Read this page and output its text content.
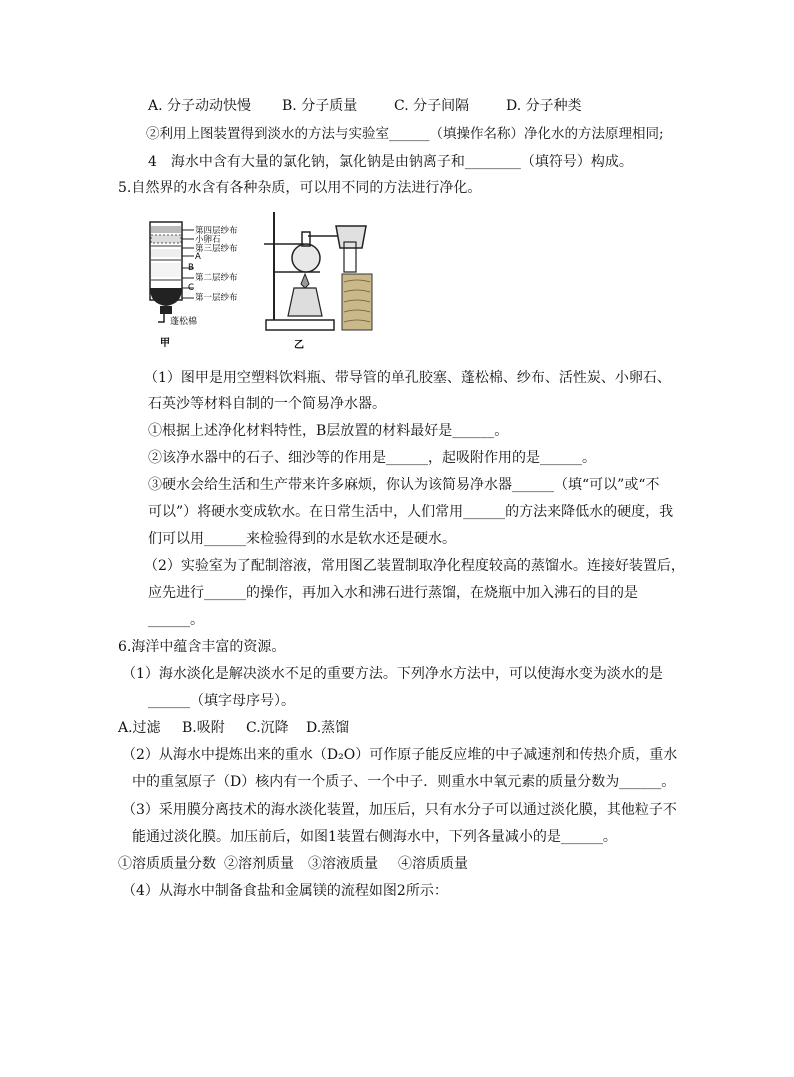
A. 分子动动快慢 B. 分子质量	C. 分子间隔	D. 分子种类
②利用上图装置得到淡水的方法与实验室______（填操作名称）净化水的方法原理相同;
4　海水中含有大量的氯化钠，氯化钠是由钠离子和________（填符号）构成。
5.自然界的水含有各种杂质，可以用不同的方法进行净化。
第四层纱布
小卵石
第三层纱布
A
B
第二层纱布
C
第一层纱布
蓬松棉
甲	乙
（1）图甲是用空塑料饮料瓶、带导管的单孔胶塞、蓬松棉、纱布、活性炭、小卵石、
石英沙等材料自制的一个简易净水器。
①根据上述净化材料特性，B层放置的材料最好是______。
②该净水器中的石子、细沙等的作用是______，起吸附作用的是______。
③硬水会给生活和生产带来许多麻烦，你认为该简易净水器______（填“可以”或“不
可以”）将硬水变成软水。在日常生活中，人们常用______的方法来降低水的硬度，我
们可以用______来检验得到的水是软水还是硬水。
（2）实验室为了配制溶液，常用图乙装置制取净化程度较高的蒸馏水。连接好装置后，
应先进行______的操作，再加入水和沸石进行蒸馏，在烧瓶中加入沸石的目的是
______。
6.海洋中蕴含丰富的资源。
（1）海水淡化是解决淡水不足的重要方法。下列净水方法中，可以使海水变为淡水的是
______（填字母序号）。
A.过滤 B.吸附 C.沉降 D.蒸馏
（2）从海水中提炼出来的重水（D₂O）可作原子能反应堆的中子减速剂和传热介质，重水
中的重氢原子（D）核内有一个质子、一个中子．则重水中氧元素的质量分数为______。
（3）采用膜分离技术的海水淡化装置，加压后，只有水分子可以通过淡化膜，其他粒子不
能通过淡化膜。加压前后，如图1装置右侧海水中，下列各量减小的是______。
①溶质质量分数 ②溶剂质量 ③溶液质量 ④溶质质量
（4）从海水中制备食盐和金属镁的流程如图2所示：
